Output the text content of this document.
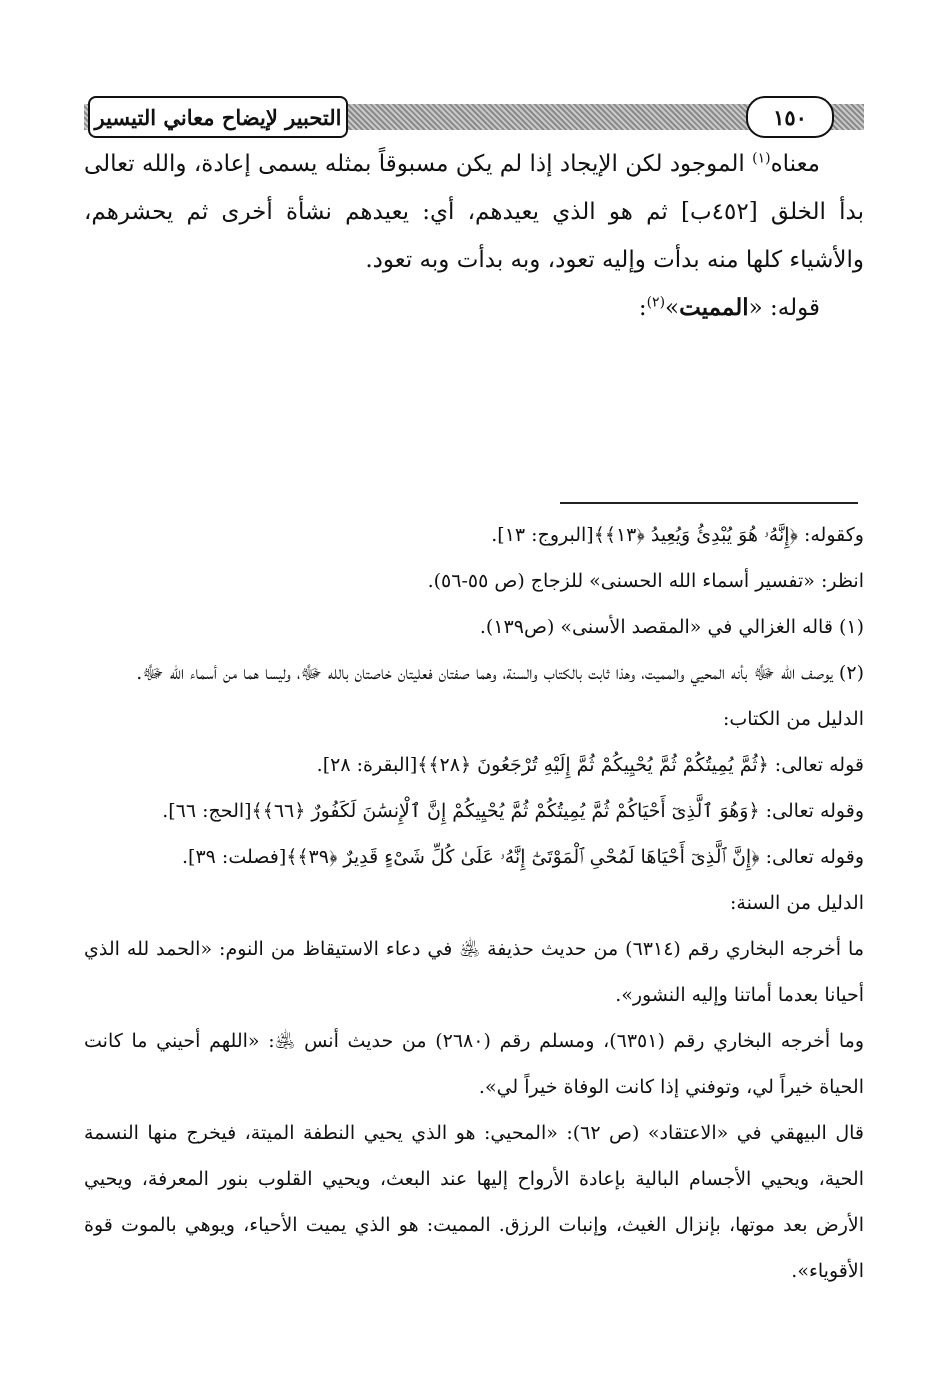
التحبير لإيضاح معاني التيسير	١٥٠

معناه$^{(١)}$ الموجود لكن الإيجاد إذا لم يكن مسبوقاً بمثله يسمى إعادة، والله تعالى بدأ الخلق [٤٥٢ب] ثم هو الذي يعيدهم، أي: يعيدهم نشأة أخرى ثم يحشرهم، والأشياء كلها منه بدأت وإليه تعود، وبه بدأت وبه تعود.

قوله: «المميت»$^{(٢)}$:

وكقوله: ﴿إِنَّهُۥ هُوَ يُبْدِئُ وَيُعِيدُ ﴿١٣﴾﴾[البروج: ١٣].

انظر: «تفسير أسماء الله الحسنى» للزجاج (ص ٥٥-٥٦).

(١) قاله الغزالي في «المقصد الأسنى» (ص١٣٩).

(٢) يوصف الله ﷻ بأنه المحيي والمميت، وهذا ثابت بالكتاب والسنة، وهما صفتان فعليتان خاصتان بالله ﷻ، وليسا هما من أسماء الله ﷻ.

الدليل من الكتاب:

قوله تعالى: ﴿ثُمَّ يُمِيتُكُمْ ثُمَّ يُحْيِيكُمْ ثُمَّ إِلَيْهِ تُرْجَعُونَ ﴿٢٨﴾﴾[البقرة: ٢٨].

وقوله تعالى: ﴿وَهُوَ ٱلَّذِىٓ أَحْيَاكُمْ ثُمَّ يُمِيتُكُمْ ثُمَّ يُحْيِيكُمْ إِنَّ ٱلْإِنسَٰنَ لَكَفُورٌ ﴿٦٦﴾﴾[الحج: ٦٦].

وقوله تعالى: ﴿إِنَّ ٱلَّذِىٓ أَحْيَاهَا لَمُحْىِ ٱلْمَوْتَىٰٓ إِنَّهُۥ عَلَىٰ كُلِّ شَىْءٍ قَدِيرٌ ﴿٣٩﴾﴾[فصلت: ٣٩].

الدليل من السنة:

ما أخرجه البخاري رقم (٦٣١٤) من حديث حذيفة ﵁ في دعاء الاستيقاظ من النوم: «الحمد لله الذي أحيانا بعدما أماتنا وإليه النشور».

وما أخرجه البخاري رقم (٦٣٥١)، ومسلم رقم (٢٦٨٠) من حديث أنس ﵁: «اللهم أحيني ما كانت الحياة خيراً لي، وتوفني إذا كانت الوفاة خيراً لي».

قال البيهقي في «الاعتقاد» (ص ٦٢): «المحيي: هو الذي يحيي النطفة الميتة، فيخرج منها النسمة الحية، ويحيي الأجسام البالية بإعادة الأرواح إليها عند البعث، ويحيي القلوب بنور المعرفة، ويحيي الأرض بعد موتها، بإنزال الغيث، وإنبات الرزق. المميت: هو الذي يميت الأحياء، ويوهي بالموت قوة الأقوياء».
